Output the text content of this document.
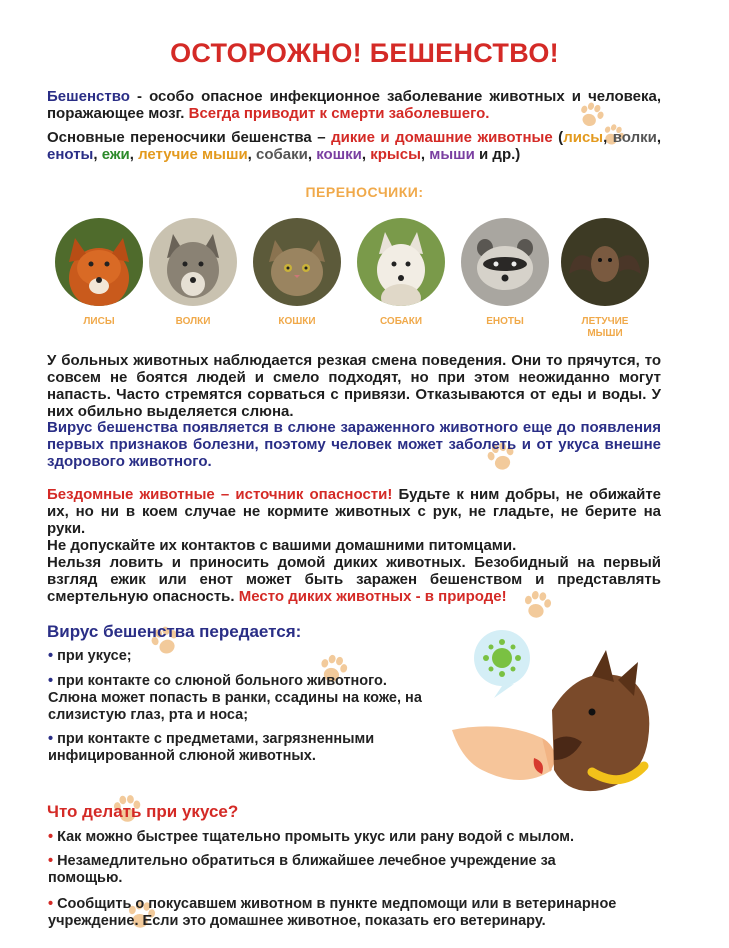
ОСТОРОЖНО! БЕШЕНСТВО!
Бешенство - особо опасное инфекционное заболевание животных и человека, поражающее мозг. Всегда приводит к смерти заболевшего.
Основные переносчики бешенства – дикие и домашние животные (лисы, волки, еноты, ежи, летучие мыши, собаки, кошки, крысы, мыши и др.)
ПЕРЕНОСЧИКИ:
ЛИСЫ	ВОЛКИ	КОШКИ	СОБАКИ	ЕНОТЫ	ЛЕТУЧИЕ МЫШИ
У больных животных наблюдается резкая смена поведения. Они то прячутся, то совсем не боятся людей и смело подходят, но при этом неожиданно могут напасть. Часто стремятся сорваться с привязи. Отказываются от еды и воды. У них обильно выделяется слюна.
Вирус бешенства появляется в слюне зараженного животного еще до появления первых признаков болезни, поэтому человек может заболеть и от укуса внешне здорового животного.
Бездомные животные – источник опасности! Будьте к ним добры, не обижайте их, но ни в коем случае не кормите животных с рук, не гладьте, не берите на руки.
Не допускайте их контактов с вашими домашними питомцами.
Нельзя ловить и приносить домой диких животных. Безобидный на первый взгляд ежик или енот может быть заражен бешенством и представлять смертельную опасность. Место диких животных - в природе!
Вирус бешенства передается:
• при укусе;
• при контакте со слюной больного животного. Слюна может попасть в ранки, ссадины на коже, на слизистую глаз, рта и носа;
• при контакте с предметами, загрязненными инфицированной слюной животных.
Что делать при укусе?
• Как можно быстрее тщательно промыть укус или рану водой с мылом.
• Незамедлительно обратиться в ближайшее лечебное учреждение за помощью.
• Сообщить о покусавшем животном в пункте медпомощи или в ветеринарное учреждение. Если это домашнее животное, показать его ветеринару.
